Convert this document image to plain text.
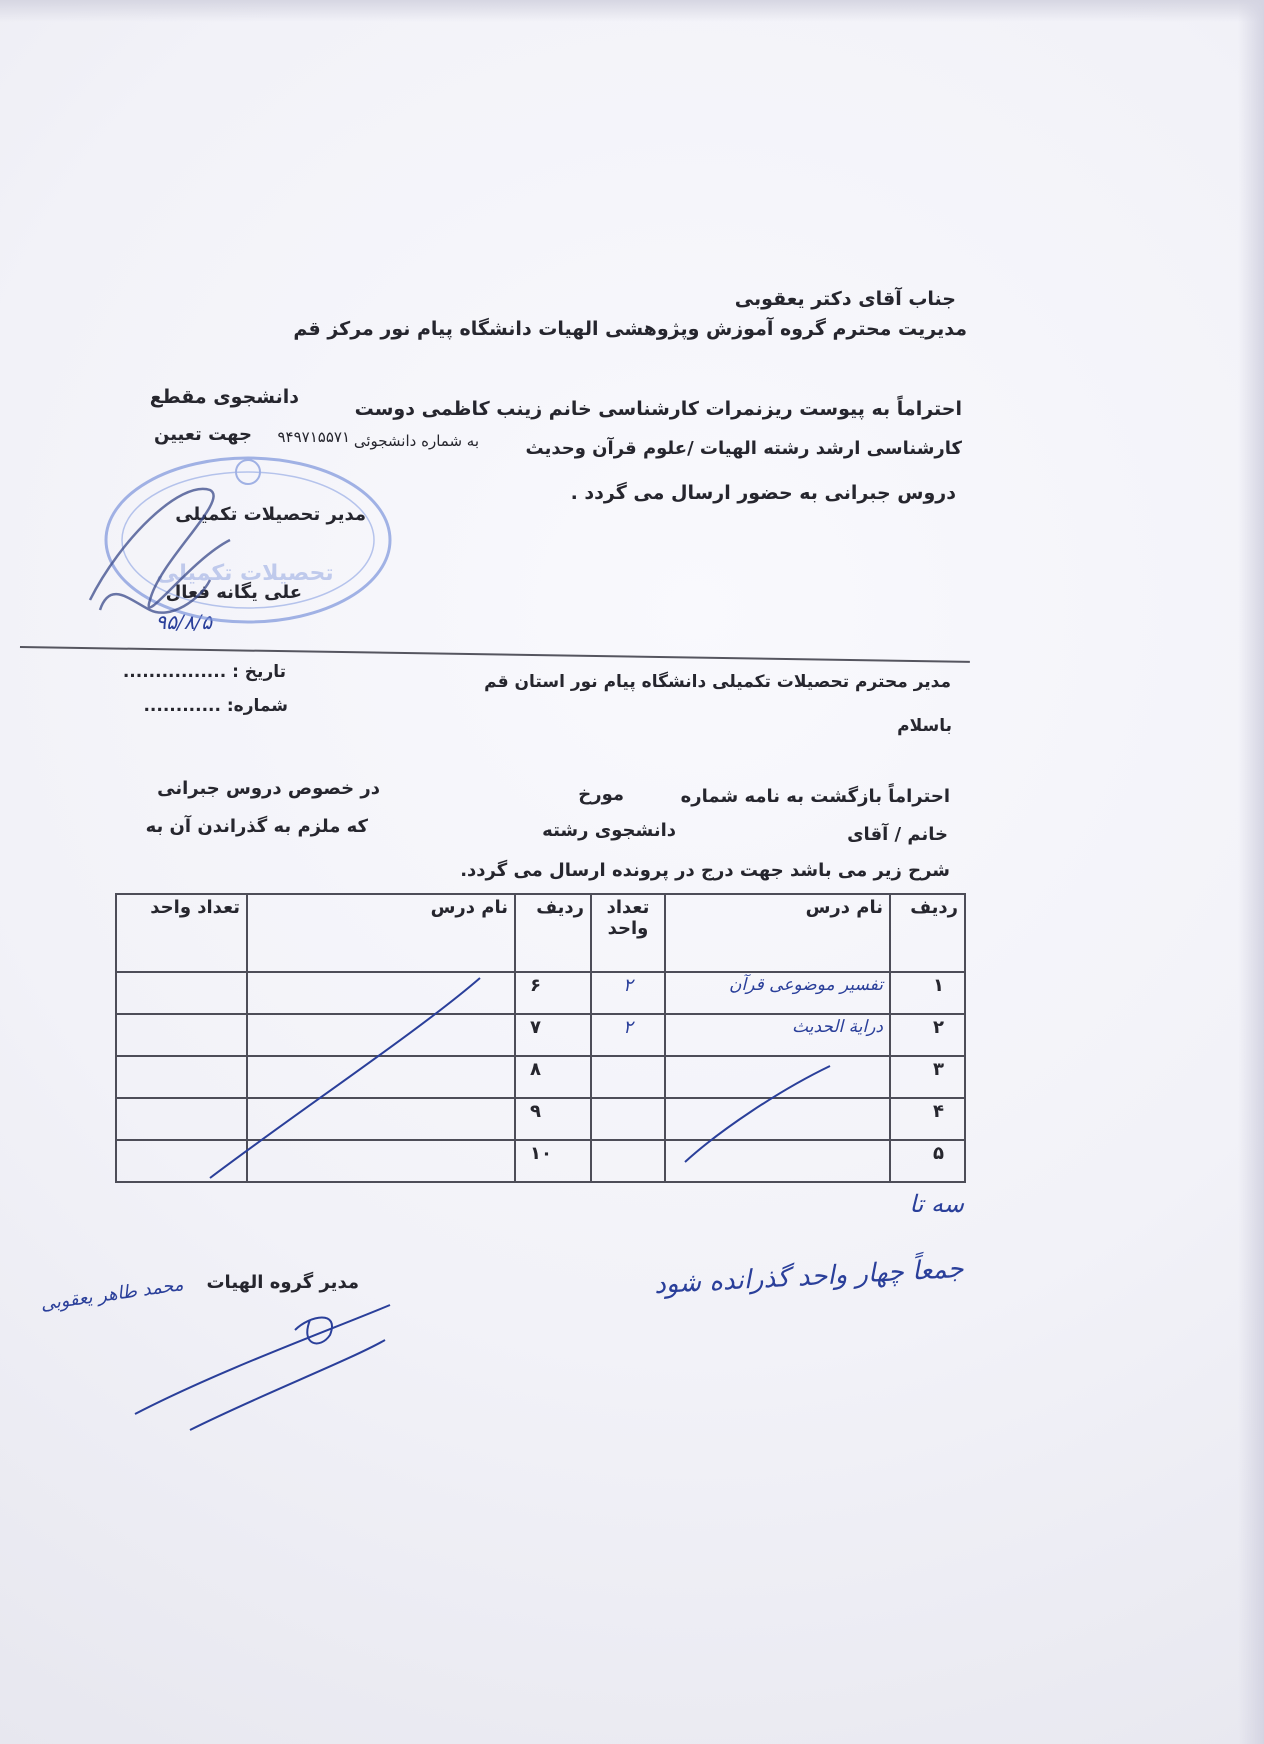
جناب آقای دکتر یعقوبی
مدیریت محترم گروه آموزش وپژوهشی الهیات دانشگاه پیام نور مرکز قم
احتراماً به پیوست ریزنمرات کارشناسی خانم زینب کاظمی دوست
دانشجوی مقطع
کارشناسی ارشد رشته الهیات /علوم قرآن وحدیث
به شماره دانشجوئی
۹۴۹۷۱۵۵۷۱
جهت تعیین
دروس جبرانی به حضور ارسال می گردد .
مدیر تحصیلات تکمیلی
علی یگانه فعال
۹۵/۸/۵
تاریخ : ................
شماره: ............
مدیر محترم تحصیلات تکمیلی دانشگاه پیام نور استان قم
باسلام
احتراماً بازگشت به نامه شماره
مورخ
در خصوص دروس جبرانی
خانم / آقای
دانشجوی رشته
که ملزم به گذراندن آن به
شرح زیر می باشد جهت درج در پرونده ارسال می گردد.
ردیف	نام درس	تعداد واحد	ردیف	نام درس	تعداد واحد
۱	تفسیر موضوعی قرآن	۲	۶		
۲	درایة الحدیث	۲	۷		
۳			۸		
۴			۹		
۵			۱۰		
سه تا
جمعاً چهار واحد گذرانده شود
مدیر گروه الهیات
محمد طاهر یعقوبی
تحصیلات تکمیلی
